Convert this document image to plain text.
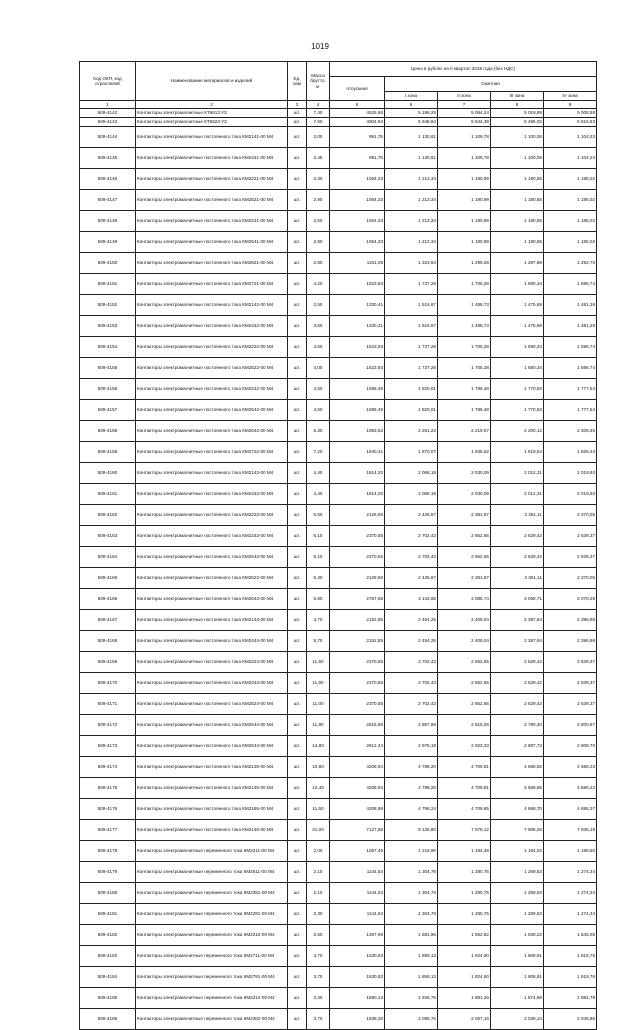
1019
Код ОКП, код отраслевой	Наименование материалов и изделий	Ед. изм	Масса брутто, кг	Цены в рублях на II квартал 2018 года (без НДС)				
				отпускная	Сметная			
					I зона	II зона	III зона	IV зона
1	2	3	4	5	6	7	8	9
509-4142	Контакторы электромагнитные КТ6613 УЗ	шт.	7,40	4525,68	5 196,28	5 064,24	5 019,89	5 008,59
509-4143	Контакторы электромагнитные КТ6623 УЗ	шт.	7,60	4904,94	5 648,84	5 544,38	5 496,02	5 515,63
509-4144	Контакторы электромагнитные постоянного тока КМ2141-00 М4	шт.	2,00	991,76	1 130,61	1 109,78	1 100,06	1 104,23
509-4145	Контакторы электромагнитные постоянного тока КМ2441-00 М4	шт.	2,45	991,76	1 130,61	1 109,78	1 100,06	1 104,23
509-4146	Контакторы электромагнитные постоянного тока КМ2221-00 М4	шт.	2,30	1064,33	1 213,34	1 190,99	1 180,55	1 185,02
509-4147	Контакторы электромагнитные постоянного тока КМ2521-00 М4	шт.	2,90	1064,33	1 213,34	1 190,99	1 180,55	1 185,02
509-4148	Контакторы электромагнитные постоянного тока КМ2241-00 М4	шт.	2,50	1064,33	1 213,34	1 190,99	1 180,55	1 185,02
509-4149	Контакторы электромагнитные постоянного тока КМ2541-00 М4	шт.	2,80	1064,33	1 213,34	1 190,99	1 180,55	1 185,02
509-4150	Контакторы электромагнитные постоянного тока КМ2621-00 М4	шт.	2,80	1161,09	1 323,64	1 299,26	1 287,88	1 292,76
509-4151	Контакторы электромагнитные постоянного тока КМ2721-00 М4	шт.	4,20	1523,93	1 737,28	1 705,28	1 690,34	1 696,74
509-4152	Контакторы электромагнитные постоянного тока КМ2142-00 М4	шт.	2,50	1330,41	1 516,67	1 488,73	1 475,69	1 481,28
509-4153	Контакторы электромагнитные постоянного тока КМ2442-00 М4	шт.	3,50	1330,41	1 516,67	1 488,73	1 475,69	1 481,28
509-4154	Контакторы электромагнитные постоянного тока КМ2222-00 М4	шт.	4,00	1523,93	1 737,28	1 705,28	1 690,34	1 696,74
509-4155	Контакторы электромагнитные постоянного тока КМ2522-00 М4	шт.	4,00	1523,93	1 737,28	1 705,28	1 690,34	1 696,74
509-4156	Контакторы электромагнитные постоянного тока КМ2242-00 М4	шт.	4,50	1596,49	1 820,01	1 786,48	1 770,83	1 777,54
509-4157	Контакторы электромагнитные постоянного тока КМ2542-00 М4	шт.	4,50	1596,49	1 820,01	1 786,48	1 770,83	1 777,54
509-4158	Контакторы электромагнитные постоянного тока КМ2642-00 М4	шт.	5,30	1983,52	2 261,22	2 219,57	2 200,12	2 208,45
509-4159	Контакторы электромагнитные постоянного тока КМ2722-00 М4	шт.	7,20	1640,41	1 870,07	1 835,62	1 819,54	1 826,43
509-4160	Контакторы электромагнитные постоянного тока КМ2143-00 М4	шт.	4,40	1814,20	2 068,19	2 030,09	2 012,31	2 019,93
509-4161	Контакторы электромагнитные постоянного тока КМ2443-00 М4	шт.	4,40	1814,20	2 068,19	2 030,09	2 012,31	2 019,93
509-4162	Контакторы электромагнитные постоянного тока КМ2223-00 М4	шт.	5,50	2128,66	2 426,67	2 381,97	2 361,11	2 370,05
509-4163	Контакторы электромагнитные постоянного тока КМ2243-00 М4	шт.	6,10	2370,55	2 702,43	2 652,65	2 629,42	2 639,37
509-4164	Контакторы электромагнитные постоянного тока КМ2543-00 М4	шт.	6,10	2370,55	2 702,43	2 652,65	2 629,42	2 639,37
509-4165	Контакторы электромагнитные постоянного тока КМ2523-00 М4	шт.	5,30	2128,66	2 426,67	2 381,97	2 361,11	2 370,05
509-4166	Контакторы электромагнитные постоянного тока КМ2643-00 М4	шт.	6,80	2757,58	3 143,65	3 085,74	3 058,71	3 070,29
509-4167	Контакторы электромагнитные постоянного тока КМ2144-00 М4	шт.	3,70	2152,85	2 454,25	2 409,04	2 387,94	2 396,98
509-4168	Контакторы электромагнитные постоянного тока КМ2444-00 М4	шт.	5,70	2152,85	2 454,25	2 409,04	2 387,94	2 396,98
509-4169	Контакторы электромагнитные постоянного тока КМ2224-00 М4	шт.	11,60	2370,55	2 702,43	2 652,65	2 629,42	2 639,37
509-4170	Контакторы электромагнитные постоянного тока КМ2244-00 М4	шт.	11,90	2370,55	2 702,43	2 652,65	2 629,42	2 639,37
509-4171	Контакторы электромагнитные постоянного тока КМ2524-00 М4	шт.	11,00	2370,55	2 702,43	2 652,65	2 629,42	2 639,37
509-4172	Контакторы электромагнитные постоянного тока КМ2544-00 М4	шт.	11,90	2515,69	2 867,89	2 815,06	2 790,40	2 800,97
509-4173	Контакторы электромагнитные постоянного тока КМ2644-00 М4	шт.	14,80	2612,44	2 978,19	2 923,33	2 897,73	2 908,70
509-4174	Контакторы электромагнитные постоянного тока КМ2125-00 М4	шт.	10,80	4208,94	4 798,20	4 709,81	4 668,56	4 686,23
509-4175	Контакторы электромагнитные постоянного тока КМ2145-00 М4	шт.	12,40	4208,94	4 798,20	4 709,81	4 668,56	4 686,23
509-4176	Контакторы электромагнитные постоянного тока КМ2165-00 М4	шт.	11,50	4208,98	4 798,24	4 709,85	4 668,70	4 686,37
509-4177	Контакторы электромагнитные постоянного тока КМ2146-00 М4	шт.	21,00	7127,86	8 125,80	7 976,12	7 906,26	7 936,19
509-4178	Контакторы электромагнитные переменного тока КМ2211-00 М4	шт.	2,00	1067,45	1 216,90	1 194,48	1 184,02	1 188,50
509-4179	Контакторы электромагнитные переменного тока КМ2511-00 М4	шт.	2,10	1144,54	1 304,78	1 280,75	1 269,53	1 274,34
509-4180	Контакторы электромагнитные переменного тока КМ2351-00 М4	шт.	2,10	1144,54	1 304,78	1 280,75	1 269,53	1 274,34
509-4181	Контакторы электромагнитные переменного тока КМ2291-00 М4	шт.	2,30	1144,54	1 304,78	1 280,75	1 269,53	1 274,34
509-4182	Контакторы электромагнитные переменного тока КМ2212-00 М4	шт.	2,60	1387,69	1 581,96	1 552,82	1 539,22	1 545,05
509-4183	Контакторы электромагнитные переменного тока КМ2711-00 М4	шт.	3,70	1630,83	1 859,13	1 824,90	1 808,91	1 815,76
509-4184	Контакторы электромагнитные переменного тока КМ2791-00 М4	шт.	3,70	1630,83	1 859,13	1 824,90	1 808,91	1 815,76
509-4185	Контакторы электромагнитные переменного тока КМ2212-00 М4	шт.	3,30	1690,13	1 926,75	1 891,26	1 874,69	1 881,79
509-4186	Контакторы электромагнитные переменного тока КМ2302-00 М4	шт.	3,70	1838,30	2 095,75	2 057,16	2 039,14	2 046,86
